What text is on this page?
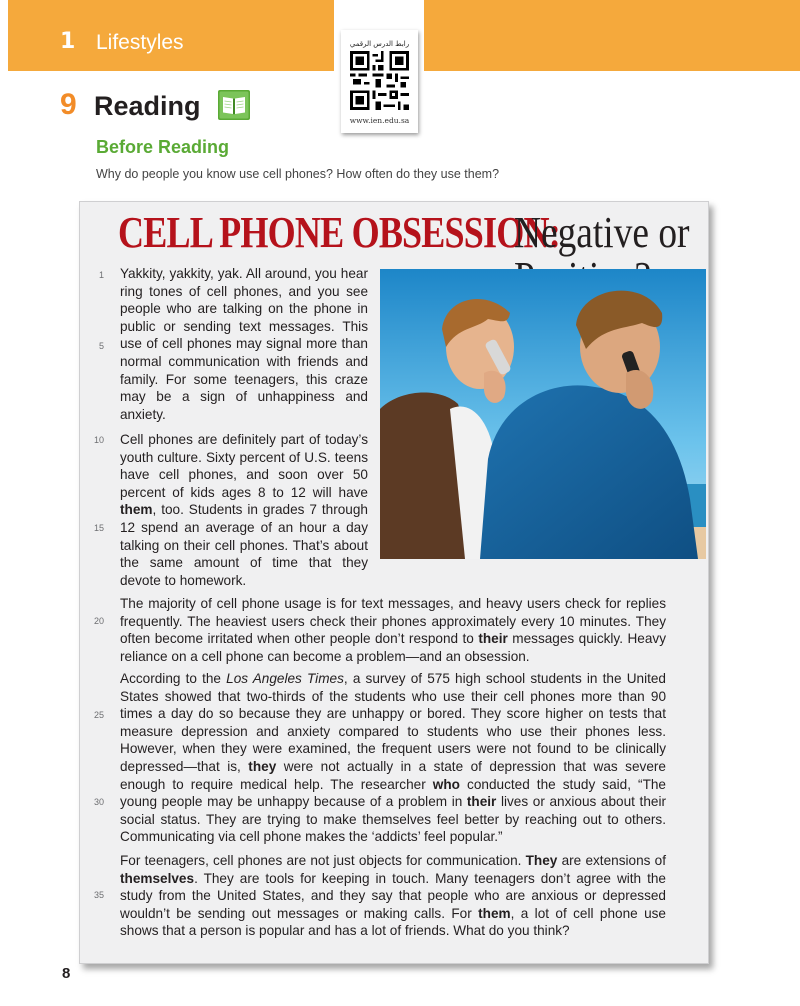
1 Lifestyles	رابط الدرس الرقمي
www.ien.edu.sa
9 Reading
Before Reading
Why do people you know use cell phones? How often do they use them?
CELL PHONE OBSESSION:
Negative or
1
5
10
15
20
25
30
35

Yakkity, yakkity, yak. All around, you hear ring tones of cell phones, and you see people who are talking on the phone in public or sending text messages. This use of cell phones may signal more than normal communication with friends and family. For some teenagers, this craze may be a sign of unhappiness and anxiety.

Cell phones are definitely part of today’s youth culture. Sixty percent of U.S. teens have cell phones, and soon over 50 percent of kids ages 8 to 12 will have them, too. Students in grades 7 through 12 spend an average of an hour a day talking on their cell phones. That’s about the same amount of time that they devote to homework.

The majority of cell phone usage is for text messages, and heavy users check for replies frequently. The heaviest users check their phones approximately every 10 minutes. They often become irritated when other people don’t respond to their messages quickly. Heavy reliance on a cell phone can become a problem—and an obsession.

According to the Los Angeles Times, a survey of 575 high school students in the United States showed that two-thirds of the students who use their cell phones more than 90 times a day do so because they are unhappy or bored. They score higher on tests that measure depression and anxiety compared to students who use their phones less. However, when they were examined, the frequent users were not found to be clinically depressed—that is, they were not actually in a state of depression that was severe enough to require medical help. The researcher who conducted the study said, “The young people may be unhappy because of a problem in their lives or anxious about their social status. They are trying to make themselves feel better by reaching out to others. Communicating via cell phone makes the ‘addicts’ feel popular.”

For teenagers, cell phones are not just objects for communication. They are extensions of themselves. They are tools for keeping in touch. Many teenagers don’t agree with the study from the United States, and they say that people who are anxious or depressed wouldn’t be sending out messages or making calls. For them, a lot of cell phone use shows that a person is popular and has a lot of friends. What do you think?

8
